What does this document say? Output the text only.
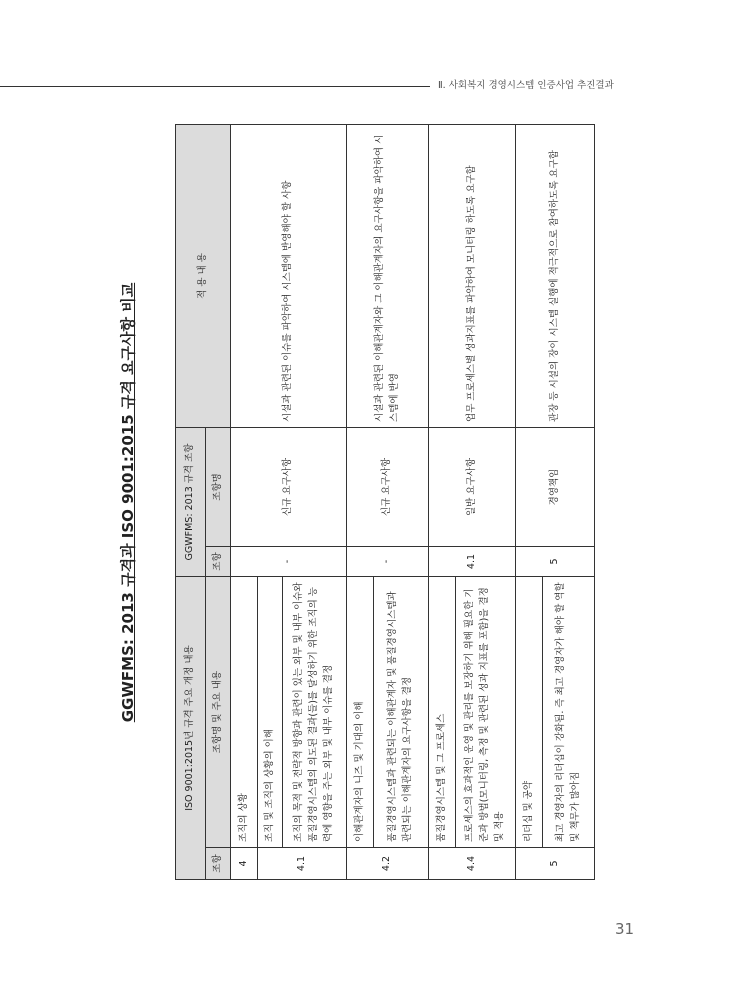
Ⅱ. 사회복지 경영시스템 인증사업 추진결과
GGWFMS: 2013 규격과 ISO 9001:2015 규격 요구사항 비교
ISO 9001:2015년 규격 주요 개정 내용		GGWFMS: 2013 규격 조항		적 용 내 용
조항	조항명 및 주요 내용	조항	조항명	
4	조직의 상황	-	신규 요구사항	시설과 관련된 이슈를 파악하여 시스템에 반영해야 할 사항
4.1	조직 및 조직의 상황의 이해			
	조직의 목적 및 전략적 방향과 관련이 있는 외부 및 내부 이슈와 품질경영시스템의 의도된 결과(들)를 달성하기 위한 조직의 능력에 영향을 주는 외부 및 내부 이슈를 결정			
4.2	이해관계자의 니즈 및 기대의 이해	-	신규 요구사항	시설과 관련된 이해관계자와 그 이해관계자의 요구사항을 파악하여 시스템에 반영
	품질경영시스템과 관련되는 이해관계자 및 품질경영시스템과 관련되는 이해관계자의 요구사항을 결정			
4.4	품질경영시스템 및 그 프로세스	4.1	일반 요구사항	업무 프로세스별 성과지표를 파악하여 모니터링 하도록 요구함
	프로세스의 효과적인 운영 및 관리를 보장하기 위해 필요한 기준과 방법(모니터링, 측정 및 관련된 성과 지표를 포함)을 결정 및 적용			
5	리더십 및 공약	5	경영책임	관장 등 시설의 장이 시스템 실행에 적극적으로 참여하도록 요구함
	최고 경영자의 리더십이 강화됨. 즉 최고 경영자가 해야 할 역할 및 책무가 많아짐			
31
